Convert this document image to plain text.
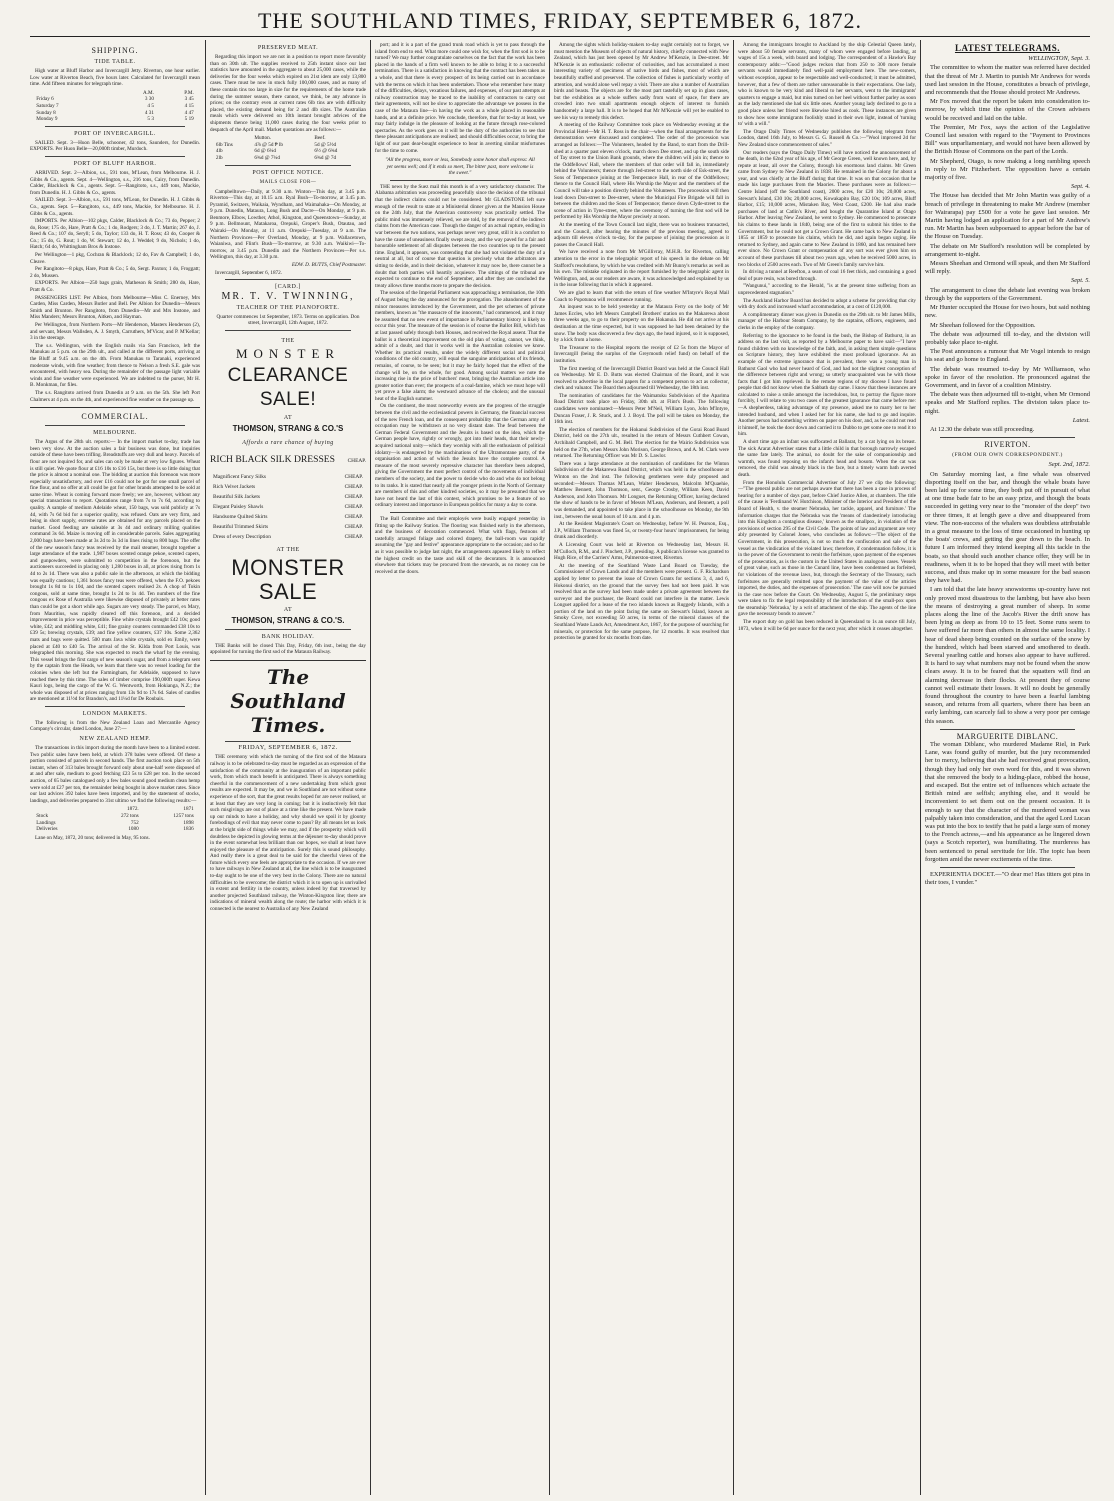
THE SOUTHLAND TIMES, FRIDAY, SEPTEMBER 6, 1872.
SHIPPING.
TIDE TABLE.

High water at Bluff Harbor and Invercargill Jetty. Riverton, one hour earlier. Low water at Riverton Beach, five hours later. Calculated for Invercargill mean time. Add fifteen minutes for telegraph time.

	A.M.	P.M.
Friday 6	3 30	3 45
Saturday 7	4 5	4 15
Sunday 8	4 31	4 47
Monday 9	5 3	5 19
PORT OF INVERCARGILL.

SAILED. Sept. 3—Huon Belle, schooner, 42 tons, Saunders, for Dunedin. EXPORTS. Per Huon Belle—20,000ft timber, Murdoch.

PORT OF BLUFF HARBOR.

ARRIVED. Sept. 2—Albion, s.s., 591 tons, M'Lean, from Melbourne. H. J. Gibbs & Co., agents. Sept. 4—Wellington, s.s., 216 tons, Cairy, from Dunedin. Calder, Blacklock & Co., agents. Sept. 5—Rangitoto, s.s., 449 tons, Mackie, from Dunedin. H. J. Gibbs & Co., agents.

SAILED. Sept. 3—Albion, s.s., 591 tons, M'Lean, for Dunedin. H. J. Gibbs & Co., agents. Sept. 5—Rangitoto, s.s., 449 tons, Mackie, for Melbourne. H. J. Gibbs & Co., agents.

IMPORTS. Per Albion—102 pkgs, Calder, Blacklock & Co.; 73 do, Pepper; 2 do, Rose; 175 do, Hare, Pratt & Co.; 1 do, Rodgers; 3 do, J. T. Martin; 267 do, J. Reed & Co.; 107 do, Seryll; 5 do, Taylor; 133 do, H. T. Ross; 43 do, Cooper & Co.; 15 do, G. Rout; 1 do, W. Stewart; 12 do, J. Weddel; 9 do, Nichols; 1 do, Hatch; 64 do, Whittingham Bros & Instone.

Per Wellington—1 pkg, Cochran & Blacklock; 12 do, Fav & Campbell; 1 do, Cleave.

Per Rangitoto—8 pkgs, Hare, Pratt & Co.; 5 do, Sergt. Paxton; 1 do, Froggatt; 2 do, Mussen.

EXPORTS. Per Albion—250 bags grain, Matheson & Smith; 280 do, Hare, Pratt & Co.

PASSENGERS LIST. Per Albion, from Melbourne—Miss C. Enerney, Mrs Carden, Miss Carden, Messrs Butler and Bell. Per Albion for Dunedin—Messrs Smith and Brunton. Per Rangitoto, from Dunedin—Mr and Mrs Instone, and Miss Manders; Messrs Brunton, Aitken, and Hayman.

Per Wellington, from Northern Ports—Mr Henderson, Masters Henderson (2), and servant, Messrs Wallsden, A. J. Smyth, Carruthers, M'Vicar, and P. M'Kellar; 3 in the steerage.

The s.s. Wellington, with the English mails via San Francisco, left the Manukau at 5 p.m. on the 29th ult., and called at the different ports, arriving at the Bluff at 9.45 a.m. on the 4th. From Manukau to Taranaki, experienced moderate winds, with fine weather; from thence to Nelson a fresh S.E. gale was encountered, with heavy sea. During the remainder of the passage light variable winds and fine weather were experienced. We are indebted to the purser, Mr H. B. Monkman, for files.

The s.s. Rangitoto arrived from Dunedin at 9 a.m. on the 5th. She left Port Chalmers at 4 p.m. on the 4th, and experienced fine weather on the passage up.

COMMERCIAL.
MELBOURNE.

The Argus of the 28th ult. reports:— In the import market to-day, trade has been very slow. At the auction sales a fair business was done, but inquiries outside of these have been trifling. Breadstuffs are very dull and heavy. Parcels of flour are not inquired for, and sales can only be made at very low figures. Wheat is still quiet. We quote flour at £16 10s to £16 15s, but there is so little doing that the price is almost a nominal one. The bidding at auction this forenoon was more especially unsatisfactory, and over £16 could not be got for one small parcel of fine flour, and no offer at all could be got for other brands attempted to be sold at same time. Wheat is coming forward more freely; we are, however, without any special transactions to report. Quotations range from 7s to 7s 6d, according to quality. A sample of medium Adelaide wheat, 150 bags, was sold publicly at 7s 4d, with 7s 6d bid for a superior quality, was refused. Oats are very firm, and being in short supply, extreme rates are obtained for any parcels placed on the market. Good feeding are saleable at 3s 4d and ordinary milling qualities command 3s 6d. Maize is moving off in considerable parcels. Sales aggregating 2,000 bags have been made at 3s 2d to 3s 3d in lines rising to 800 bags. The offer of the new season's fancy teas received by the mail steamer, brought together a large attendance of the trade. 1,987 boxes scented orange pekoe, scented capers, and gunpowders, were submitted to competition in the forenoon, but the auctioneers succeeded in placing only 1,280 boxes in all, at prices rising from 1s 4d to 2s 1d. There was also a public sale in the afternoon, at which the bidding was equally cautious; 1,361 boxes fancy teas were offered, when the F.O. pekoes brought 1s 8d to 1s 10d, and the scented capers realised 2s. A chop of Tokin congous, sold at same time, brought 1s 2d to 1s 4d. Ten numbers of the fine congous ex Rose of Australia were likewise disposed of privately at better rates than could be got a short while ago. Sugars are very steady. The parcel, ex Mary, from Mauritius, was rapidly cleared off this forenoon, and a decided improvement in price was perceptible. Fine white crystals brought £42 10s; good white, £42; and middling white, £41; fine grainy counters commanded £38 10s to £39 5s; brewing crystals, £39; and fine yellow counters, £37 10s. Some 2,362 mats and bags were quitted. 500 mats Java white crystals, sold ex Emily, were placed at £40 to £40 5s. The arrival of the St. Kilda from Port Louis, was telegraphed this morning. She was expected to reach the wharf by the evening. This vessel brings the first cargo of new season's sugar, and from a telegram sent by the captain from the Heads, we learn that there was no vessel loading for the colonies when she left but the Farmingham, for Adelaide, supposed to have reached there by this time. The sales of timber comprise 190,000ft super. Kewa Kauri logs, being the cargo of the W. G. Wentworth, from Hokianga, N.Z.; the whole was disposed of at prices ranging from 13s 9d to 17s 6d. Sales of candles are mentioned at 11½d for Brandon's, and 11¼d for De Roubaix.

LONDON MARKETS.

The following is from the New Zealand Loan and Mercantile Agency Company's circular, dated London, June 27:—

NEW ZEALAND HEMP.

The transactions in this import during the month have been to a limited extent. Two public sales have been held, at which 378 bales were offered. Of these a portion consisted of parcels in second hands. The first auction took place on 5th instant, when of 313 bales brought forward only about one-half were disposed of at and after sale, medium to good fetching £23 5s to £28 per ton. In the second auction, of 65 bales catalogued only a few bales sound good medium clean hemp were sold at £27 per ton, the remainder being bought in above market rates. Since our last advices 392 bales have been imported, and by the statement of stocks, landings, and deliveries prepared to 31st ultimo we find the following results:—

	1872.	1871
Stock	272 tons	1257 tons
Landings	752	1898
Deliveries	1080	1836

Lane on May, 1872, 20 tons; delivered in May, 95 tons.

PRESERVED MEAT.

Regarding this import we are not in a position to report more favorably than on 30th ult. The supplies received to 25th instant since our last statistics have amounted in the aggregate to about 25,000 cases, while the deliveries for the four weeks which expired on 21st idem are only 13,800 cases. There must be now in stock fully 100,000 cases, and as many of these contain tins too large in size for the requirements of the home trade during the summer season, there cannot, we think, be any advance in prices; on the contrary even at current rates 6lb tins are with difficulty placed, the existing demand being for 2 and 4lb sizes. The Australian meals which were delivered on 10th instant brought advices of the shipments thence being 11,000 cases during the four weeks prior to despatch of the April mail. Market quotations are as follows:—

	Mutton.	Beef.
6lb Tins	4⅞ @ 5d ₱ lb	5d @ 5½d
4lb	6d @ 6¼d	6½ @ 6¾d
2lb	6¾d @ 7¼d	6¾d @ 7d
POST OFFICE NOTICE.
MAILS CLOSE FOR—

Campbelltown—Daily, at 9.30 a.m. Winton—This day, at 3.45 p.m. Riverton—This day, at 10.15 a.m. Ryal Bush—To-morrow, at 3.45 p.m. Pyramid, Switzers, Waikaia, Wyndham, and Waimahaka—On Monday, at 9 p.m. Dunedin, Mataura, Long Bush and Dacre—On Monday, at 9 p.m. Benmore, Elbow, Lowther, Athol, Kingston, and Queenstown—Sunday, at 9 p.m. Bellmount, Matakaroa, Orepuki, Groper's Bush, Otautau, and Wairaki—On Monday, at 11 a.m. Orepuki—Tuesday, at 9 a.m. The Northern Provinces—Per Overland, Monday, at 9 p.m. Wallacetown, Waianiwa, and Flint's Bush—To-morrow, at 9.30 a.m. Waikiwi—To-morrow, at 3.45 p.m. Dunedin and the Northern Provinces—Per s.s. Wellington, this day, at 3.30 p.m.

EDW. D. BUTTS, Chief Postmaster.

Invercargill, September 6, 1872.

[CARD.]
MR. T. V. TWINNING,
TEACHER OF THE PIANOFORTE.

Quarter commences 1st September, 1873. Terms on application. Don street, Invercargill, 12th August, 1872.

THE
MONSTER
CLEARANCE SALE!
AT
THOMSON, STRANG & CO.'S
Affords a rare chance of buying
RICH BLACK SILK DRESSES CHEAP.
Magnificent Fancy Silks	CHEAP.
Rich Velvet Jackets	CHEAP.
Beautiful Silk Jackets	CHEAP.
Elegant Paisley Shawls	CHEAP.
Handsome Quilted Skirts	CHEAP.
Beautiful Trimmed Skirts	CHEAP.
Dress of every Description	CHEAP.
AT THE
MONSTER SALE
AT
THOMSON, STRANG & CO.'S.
BANK HOLIDAY.

THE Banks will be closed This Day, Friday, 6th inst., being the day appointed for turning the first sod of the Mataura Railway.

The Southland Times.
FRIDAY, SEPTEMBER 6, 1872.

THE ceremony with which the turning of the first sod of the Mataura railway is to be celebrated to-day must be regarded as an expression of the satisfaction of the community at the inauguration of an important public work, from which much benefit is anticipated. There is always something cheerful in the commencement of a new undertaking from which great results are expected. It may be, and we in Southland are not without some experience of the sort, that the great results hoped for are never realised, or at least that they are very long in coming; but it is instinctively felt that such misgivings are out of place at a time like the present. We have made up our minds to have a holiday, and why should we spoil it by gloomy forebodings of evil that may never come to pass? By all means let us look at the bright side of things while we may, and if the prosperity which will doubtless be depicted in glowing terms at the déjeuner to-day should prove in the event somewhat less brilliant than our hopes, we shall at least have enjoyed the pleasure of the anticipation. Surely this is sound philosophy. And really there is a great deal to be said for the cheerful views of the future which every one feels are appropriate to the occasion. If we are ever to have railways in New Zealand at all, the line which is to be inaugurated to-day ought to be one of the very best in the Colony. There are no natural difficulties to be overcome; the district which it is to open up is unrivalled in extent and fertility in the country, unless indeed by that traversed by another projected Southland railway, the Winton-Kingston line; there are indications of mineral wealth along the route; the harbor with which it is connected is the nearest to Australia of any New Zealand

port; and it is a part of the grand trunk road which is yet to pass through the island from end to end. What more could one wish for, when the first sod is to be turned? We may further congratulate ourselves on the fact that the work has been placed in the hands of a firm well known to be able to bring it to a successful termination. There is a satisfaction in knowing that the contract has been taken as a whole, and that there is every prospect of its being carried out in accordance with the terms on which it has been undertaken. Those who remember how many of the difficulties, delays, vexatious failures, and expenses, of our past attempts at railway construction may be traced to the inability of contractors to carry out their agreements, will not be slow to appreciate the advantage we possess in the case of the Mataura line—in having the work as a whole placed in reasonable hands, and at a definite price. We conclude, therefore, that for to-day at least, we may fairly indulge in the pleasure of looking at the future through rose-colored spectacles. As the work goes on it will be the duty of the authorities to see that these pleasant anticipations are realised; and should difficulties occur, to bring the light of our past dear-bought experience to bear in averting similar misfortunes for the time to come.

"All the progress, more or less, Somebody some honor shall express: All yet seems well; and if it ends so meet, The bitter past, more welcome is the sweet."

THE news by the Suez mail this month is of a very satisfactory character. The Alabama arbitration was proceeding peacefully since the decision of the tribunal that the indirect claims could not be considered. Mr GLADSTONE left sure enough of the result to state at a Ministerial dinner given at the Mansion House on the 24th July, that the American controversy was practically settled. The public mind was immensely relieved, we are told, by the removal of the indirect claims from the American case. Though the danger of an actual rupture, ending in war between the two nations, was perhaps never very great, still it is a comfort to have the cause of uneasiness finally swept away, and the way paved for a fair and honorable settlement of all disputes between the two countries up to the present time. England, it appears, was contending that she had not violated the duty of a neutral at all, but of course that question is precisely what the arbitrators are sitting to decide, and in their decision, whatever it may now be, there cannot be a doubt that both parties will heartily acquiesce. The sittings of the tribunal are expected to continue to the end of September, and after they are concluded the treaty allows three months more to prepare the decision.

The session of the Imperial Parliament was approaching a termination, the 10th of August being the day announced for the prorogation. The abandonment of the minor measures introduced by the Government, and the pet schemes of private members, known as "the massacre of the innocents," had commenced, and it may be assumed that no new event of importance in Parliamentary history is likely to occur this year. The measure of the session is of course the Ballot Bill, which has at last passed safely through both Houses, and received the Royal assent. That the ballot is a theoretical improvement on the old plan of voting, cannot, we think, admit of a doubt, and that it works well in the Australian colonies we know. Whether its practical results, under the widely different social and political conditions of the old country, will equal the sanguine anticipations of its friends, remains, of course, to be seen; but it may be fairly hoped that the effect of the change will be, on the whole, for good. Among social matters we note the increasing rise in the price of butchers' meat, bringing the Australian article into greater notice than ever; the prospects of a coal-famine, which we must hope will yet prove a false alarm; the westward advance of the cholera; and the unusual heat of the English summer.

On the continent, the most noteworthy events are the progress of the struggle between the civil and the ecclesiastical powers in Germany, the financial success of the new French loan, and the consequent probability that the German army of occupation may be withdrawn at no very distant date. The feud between the German Federal Government and the Jesuits is based on the idea, which the German people have, rightly or wrongly, got into their heads, that their newly-acquired national unity—which they worship with all the enthusiasm of political idolatry—is endangered by the machinations of the Ultramontane party, of the organisation and action of which the Jesuits have the complete control. A measure of the most severely repressive character has therefore been adopted, giving the Government the most perfect control of the movements of individual members of the society, and the power to decide who do and who do not belong to its ranks. It is stated that nearly all the younger priests in the North of Germany are members of this and other kindred societies, so it may be presumed that we have not heard the last of this contest, which promises to be a feature of no ordinary interest and importance in European politics for many a day to come.

The Ball Committee and their employés were busily engaged yesterday in fitting up the Railway Station. The flooring was finished early in the afternoon, and the business of decoration commenced. What with flags, festoons of tastefully arranged foliage and colored drapery, the ball-room was rapidly assuming the "gay and festive" appearance appropriate to the occasion; and so far as it was possible to judge last night, the arrangements appeared likely to reflect the highest credit on the taste and skill of the decorators. It is announced elsewhere that tickets may be procured from the stewards, as no money can be received at the doors.

Among the sights which holiday-makers to-day ought certainly not to forget, we must mention the Museum of objects of natural history, chiefly connected with New Zealand, which has just been opened by Mr Andrew M'Kenzie, in Dee-street. Mr M'Kenzie is an enthusiastic collector of curiosities, and has accumulated a most interesting variety of specimens of native birds and fishes, most of which are beautifully stuffed and preserved. The collection of fishes is particularly worthy of attention, and would alone well repay a visit. There are also a number of Australian birds and beasts. The objects are for the most part tastefully set up in glass cases, but the exhibition as a whole suffers sadly from want of space, for there are crowded into two small apartments enough objects of interest to furnish handsomely a large hall. It is to be hoped that Mr M'Kenzie will yet be enabled to see his way to remedy this defect.

A meeting of the Railway Committee took place on Wednesday evening at the Provincial Hotel—Mr H. T. Ross in the chair—when the final arrangements for the demonstration were discussed and completed. The order of the procession was arranged as follows:—The Volunteers, headed by the Band, to start from the Drill-shed at a quarter past eleven o'clock, march down Dee street, and up the south side of Tay street to the Union Bank grounds, where the children will join in; thence to the Oddfellows' Hall, where the members of that order will fall in, immediately behind the Volunteers; thence through Jed-street to the north side of Esk-street, the Sons of Temperance joining at the Temperance Hall, in rear of the Oddfellows; thence to the Council Hall, where His Worship the Mayor and the members of the Council will take a position directly behind the Volunteers. The procession will then lead down Don-street to Dee-street, where the Municipal Fire Brigade will fall in between the children and the Sons of Temperance; thence down Clyde-street to the scene of action in Tyne-street, where the ceremony of turning the first sod will be performed by His Worship the Mayor precisely at noon.

At the meeting of the Town Council last night, there was no business transacted, and the Council, after hearing the minutes of the previous meeting, agreed to adjourn till eleven o'clock to-day, for the purpose of joining the procession as it passes the Council Hall.

We have received a note from Mr M'Gillivray, M.H.R. for Riverton, calling attention to the error in the telegraphic report of his speech in the debate on Mr Stafford's resolutions, by which he was credited with Mr Bunny's remarks as well as his own. The mistake originated in the report furnished by the telegraphic agent in Wellington, and, as our readers are aware, it was acknowledged and explained by us in the issue following that in which it appeared.

We are glad to learn that with the return of fine weather M'Intyre's Royal Mail Coach to Popotunoa will recommence running.

An inquest was to be held yesterday at the Mataura Ferry on the body of Mr James Eccles, who left Messrs Campbell Brothers' station on the Makarewa about three weeks ago, to go to their property on the Hokanuia. He did not arrive at his destination at the time expected, but it was supposed he had been detained by the snow. The body was discovered a few days ago, the head injured, so it is supposed, by a kick from a horse.

The Treasurer to the Hospital reports the receipt of £2 5s from the Mayor of Invercargill (being the surplus of the Greymouth relief fund) on behalf of the institution.

The first meeting of the Invercargill District Board was held at the Council Hall on Wednesday. Mr E. D. Butts was elected Chairman of the Board, and it was resolved to advertise in the local papers for a competent person to act as collector, clerk and valuator. The Board then adjourned till Wednesday, the 18th inst.

The nomination of candidates for the Waimatuku Subdivision of the Aparima Road District took place on Friday, 30th ult. at Flint's Bush. The following candidates were nominated:—Messrs Peter M'Neil, William Lyon, John M'Intyre, Duncan Fraser, J. R. Stuck, and J. J. Boyd. The poll will be taken on Monday, the 16th inst.

The election of members for the Hokanui Subdivision of the Gorai Road Board District, held on the 27th ult., resulted in the return of Messrs Cuthbert Cowan, Archibald Campbell, and G. M. Bell. The election for the Wairio Subdivision was held on the 27th, when Messrs John Morison, George Brown, and A. M. Clark were returned. The Returning Officer was Mr D. S. Lawlor.

There was a large attendance at the nomination of candidates for the Winton Subdivision of the Makarewa Road District, which was held in the schoolhouse at Winton on the 2nd inst. The following gentlemen were duly proposed and seconded:—Messrs Thomas M'Lean, Walter Henderson, Malcolm M'Quaehie, Matthew Bennett, John Thomson, senr., George Crosby, William Keen, David Anderson, and John Thomson. Mr Longuet, the Returning Officer, having declared the show of hands to be in favor of Messrs M'Lean, Anderson, and Bennett, a poll was demanded, and appointed to take place in the schoolhouse on Monday, the 9th inst., between the usual hours of 10 a.m. and 4 p.m.

At the Resident Magistrate's Court on Wednesday, before W. H. Pearson, Esq., J.P., William Thomson was fined 5s, or twenty-four hours' imprisonment, for being drunk and disorderly.

A Licensing Court was held at Riverton on Wednesday last, Messrs H. M'Culloch, R.M., and J. Pinchett, J.P., presiding. A publican's license was granted to Hugh Rice, of the Carriers' Arms, Palmerston-street, Riverton.

At the meeting of the Southland Waste Land Board on Tuesday, the Commissioner of Crown Lands and all the members were present. G. F. Richardson applied by letter to prevent the issue of Crown Grants for sections 3, 4, and 6, Hokonui district, on the ground that the survey fees had not been paid. It was resolved that as the survey had been made under a private agreement between the surveyor and the purchaser, the Board could not interfere in the matter. Lewis Longuet applied for a lease of the two islands known as Ruggedy Islands, with a portion of the land on the point facing the same on Stewart's Island, known as Smoky Cove, not exceeding 50 acres, in terms of the mineral clauses of the Southland Waste Lands Act, Amendment Act, 1867, for the purpose of searching for minerals, or protection for the same purpose, for 12 months. It was resolved that protection be granted for six months from date.

Among the immigrants brought to Auckland by the ship Celestial Queen lately, were about 50 female servants, many of whom were engaged before landing, at wages of 15s a week, with board and lodging. The correspondent of a Hawke's Bay contemporary adds:—"Good judges reckon that from 250 to 300 more female servants would immediately find well-paid employment here. The new-comers, without exception, appear to be respectable and well-conducted; it must be admitted, however, that a few of them are rather unreasonable in their expectations. One lady, who is known to be very kind and liberal to her servants, went to the immigrants' quarters to engage a maid, but miss turned on her heel without further parley as soon as the lady mentioned she had six little ones. Another young lady declined to go to a good place unless her friend were likewise hired as cook. These instances are given to show how some immigrants foolishly stand in their own light, instead of 'turning to' with a will."

The Otago Daily Times of Wednesday publishes the following telegram from London, dated 16th July, to Messrs G. G. Russell & Co.:—"Wool improved 2d for New Zealand since commencement of sales."

Our readers (says the Otago Daily Times) will have noticed the announcement of the death, in the 62nd year of his age, of Mr George Green, well known here, and, by repute at least, all over the Colony, through his enormous land claims. Mr Green came from Sydney to New Zealand in 1838. He remained in the Colony for about a year, and was chiefly at the Bluff during that time. It was on that occasion that he made his large purchases from the Maories. These purchases were as follows:—Centre Island (off the Southland coast), 2000 acres, for £20 10s; 20,000 acres, Stewart's Island, £30 10s; 20,000 acres, Kowakapito Bay, £20 10s; 109 acres, Bluff Harbor, £15; 10,000 acres, Mistaken Bay, West Coast, £200. He had also made purchases of land at Catlin's River, and bought the Quarantine Island at Otago Harbor. After leaving New Zealand, he went to Sydney. He commenced to prosecute his claims to these lands in 1840, being one of the first to submit his titles to the Government, but he could not get a Crown Grant. He came back to New Zealand in 1855 or 1859 to prosecute his claims, which he did, and again began urging. He returned to Sydney, and again came to New Zealand in 1860, and has remained here ever since. No Crown Grant or compensation of any sort was ever given him on account of these purchases till about two years ago, when he received 5000 acres, in two blocks of 2500 acres each. Two of Mr Green's family survive him.

In driving a tunnel at Reefton, a seam of coal 16 feet thick, and containing a good deal of pure resin, was bored through.

"Wangunui," according to the Herald, "is at the present time suffering from an unprecedented stagnation."

The Auckland Harbor Board has decided to adopt a scheme for providing that city with dry dock and increased wharf accommodation, at a cost of £120,000.

A complimentary dinner was given in Dunedin on the 29th ult. to Mr James Mills, manager of the Harbour Steam Company, by the captains, officers, engineers, and clerks in the employ of the company.

Referring to the ignorance to be found in the bush, the Bishop of Bathurst, in an address on the last visit, as reported by a Melbourne paper to have said:—"I have found children with no knowledge of the faith, and, in asking them simple questions on Scripture history, they have exhibited the most profound ignorance. As an example of the extreme ignorance that is prevalent, there was a young man in Bathurst Gaol who had never heard of God, and had not the slightest conception of the difference between right and wrong; so utterly unacquainted was he with those facts that I got him reprieved. In the remote regions of my diocese I have found people that did not know when the Sabbath day came. I know that these instances are calculated to raise a smile amongst the incredulous, but, to portray the figure more forcibly, I will relate to you two cases of the greatest ignorance that came before me:—A shepherdess, taking advantage of my presence, asked me to marry her to her intended husband, and when I asked her for his name, she had to go and inquire. Another person had something written on paper on his door, and, as he could not read it himself, he took the door down and carried it to Dubbo to get some one to read it to him.

A short time ago an infant was suffocated at Ballarat, by a cat lying on its breast. The sick Ararat Advertiser states that a little child in that borough narrowly escaped the same fate lately. The animal, no doubt for the sake of companionship and warmth, was found reposing on the infant's head and bosom. When the cat was removed, the child was already black in the face, but a timely warm bath averted death.

From the Honolulu Commercial Advertiser of July 27 we clip the following:—"The general public are not perhaps aware that there has been a case in process of hearing for a number of days past, before Chief Justice Allen, at chambers. The title of the cause is 'Ferdinand W. Hutchison, Minister of the Interior and President of the Board of Health, v. the steamer Nebraska, her tackle, apparel, and furniture.' The information charges that the Nebraska was the 'means of clandestinely introducing into this Kingdom a contagious disease,' known as the smallpox, in violation of the provisions of section 295 of the Civil Code. The points of law and argument are very ably presented by Colonel Jones, who concludes as follows:—'The object of the Government, in this prosecution, is not so much the confiscation and sale of the vessel as the vindication of the violated laws; therefore, if condemnation follow, it is in the power of the Government to remit the forfeiture, upon payment of the expenses of the prosecution, as is the custom in the United States in analogous cases. Vessels of great value, such as those in the Cunard line, have been condemned as forfeited, for violations of the revenue laws, but, through the Secretary of the Treasury, such forfeitures are generally remitted upon the payment of the value of the articles imported, the duties, and the expenses of prosecution.' The case will now be pursued in the case now before the Court. On Wednesday, August 5, the preliminary steps were taken to fix the legal responsibility of the introduction of the small-pox upon the steamship 'Nebraska,' by a writ of attachment of the ship. The agents of the line gave the necessary bonds to answer."

The export duty on gold has been reduced in Queensland to 1s an ounce till July, 1873, when it will be 6d per ounce for the next year, after which it ceases altogether.

LATEST TELEGRAMS.

WELLINGTON, Sept. 3.

The committee to whom the matter was referred have decided that the threat of Mr J. Martin to punish Mr Andrews for words used last session in the House, constitutes a breach of privilege, and recommends that the House should protect Mr Andrews.

Mr Fox moved that the report be taken into consideration to-morrow, by which time the opinion of the Crown advisers would be received and laid on the table.

The Premier, Mr Fox, says the action of the Legislative Council last session with regard to the "Payment to Provinces Bill" was unparliamentary, and would not have been allowed by the British House of Commons on the part of the Lords.

Mr Shepherd, Otago, is now making a long rambling speech in reply to Mr Fitzherbert. The opposition have a certain majority of five.

Sept. 4.

The House has decided that Mr John Martin was guilty of a breach of privilege in threatening to make Mr Andrew (member for Wairarapa) pay £500 for a vote he gave last session. Mr Martin having lodged an application for a part of Mr Andrew's run. Mr Martin has been subpoenaed to appear before the bar of the House on Tuesday.

The debate on Mr Stafford's resolution will be completed by arrangement to-night.

Messrs Sheehan and Ormond will speak, and then Mr Stafford will reply.

Sept. 5.

The arrangement to close the debate last evening was broken through by the supporters of the Government.

Mr Hunter occupied the House for two hours, but said nothing new.

Mr Sheehan followed for the Opposition.

The debate was adjourned till to-day, and the division will probably take place to-night.

The Post announces a rumour that Mr Vogel intends to resign his seat and go home to England.

The debate was resumed to-day by Mr Williamson, who spoke in favor of the resolution. He pronounced against the Government, and in favor of a coalition Ministry.

The debate was then adjourned till to-night, when Mr Ormond speaks and Mr Stafford replies. The division takes place to-night.

Latest.

At 12.30 the debate was still proceeding.

RIVERTON.
(FROM OUR OWN CORRESPONDENT.)

Sept. 2nd, 1872.

On Saturday morning last, a fine whale was observed disporting itself on the bar, and though the whale boats have been laid up for some time, they both put off in pursuit of what at one time bade fair to be an easy prize, and though the boats succeeded in getting very near to the "monster of the deep" two or three times, it at length gave a dive and disappeared from view. The non-success of the whalers was doubtless attributable in a great measure to the loss of time occasioned in hunting up the boats' crews, and getting the gear down to the beach. In future I am informed they intend keeping all this tackle in the boats, so that should such another chance offer, they will be in readiness, when it is to be hoped that they will meet with better success, and thus make up in some measure for the bad season they have had.

I am told that the late heavy snowstorms up-country have not only proved most disastrous to the lambing, but have also been the means of destroying a great number of sheep. In some places along the line of the Jacob's River the drift snow has been lying as deep as from 10 to 15 feet. Some runs seem to have suffered far more than others in almost the same locality. I hear of dead sheep being counted on the surface of the snow by the hundred, which had been starved and smothered to death. Several yearling cattle and horses also appear to have suffered. It is hard to say what numbers may not be found when the snow clears away. It is to be feared that the squatters will find an alarming decrease in their flocks. At present they of course cannot well estimate their losses. It will no doubt be generally found throughout the country to have been a fearful lambing season, and returns from all quarters, where there has been an early lambing, can scarcely fail to show a very poor per centage this season.

MARGUERITE DIBLANC.

The woman Diblanc, who murdered Madame Riel, in Park Lane, was found guilty of murder, but the jury recommended her to mercy, believing that she had received great provocation, though they had only her own word for this, and it was shown that she removed the body to a hiding-place, robbed the house, and escaped. But the entire set of influences which actuate the British mind are selfish; anything else, and it would be inconvenient to set them out on the present occasion. It is enough to say that the character of the murdered woman was palpably taken into consideration, and that the aged Lord Lucan was put into the box to testify that he paid a large sum of money to the French actress,—and his appearance as he lingered down (says a Scotch reporter), was humiliating. The murderess has been sentenced to penal servitude for life. The topic has been forgotten amid the newer excitements of the time.

EXPERIENTIA DOCET.—"O dear me! Has titters got pins in their toes, I vunder."
